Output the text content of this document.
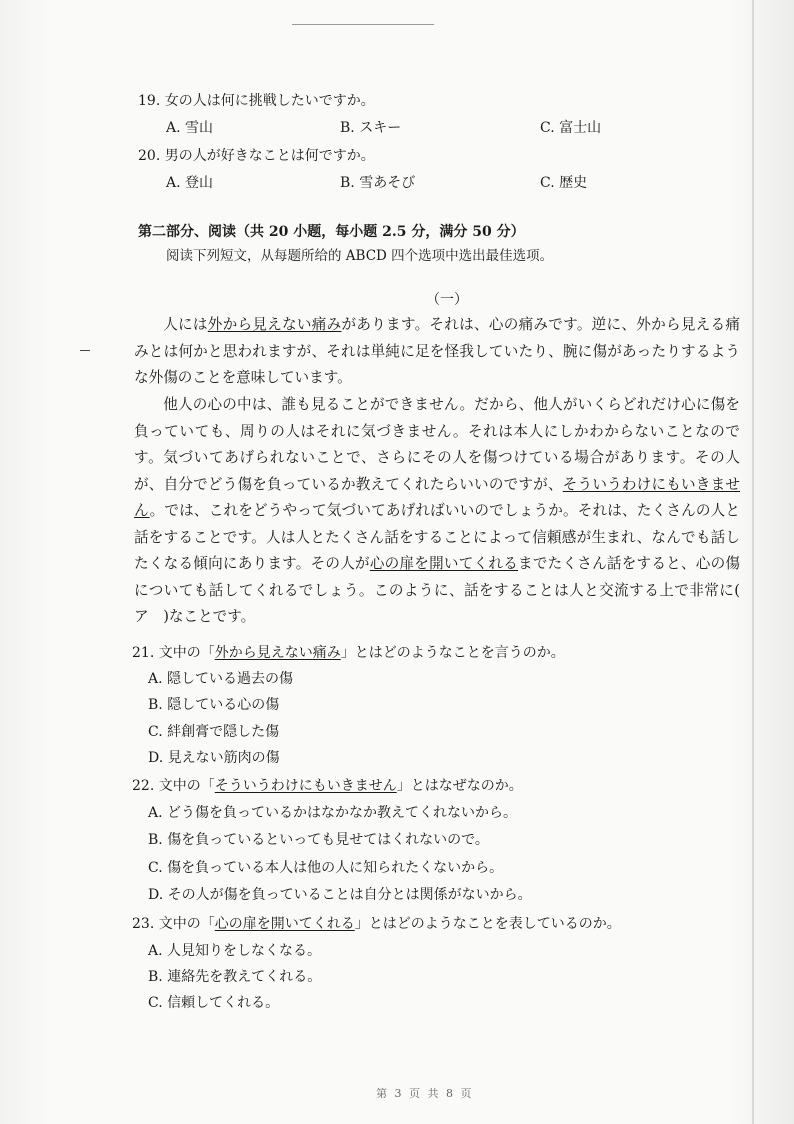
19. 女の人は何に挑戦したいですか。
A. 雪山	B. スキー	C. 富士山
20. 男の人が好きなことは何ですか。
A. 登山	B. 雪あそび	C. 歴史
第二部分、阅读（共 20 小题，每小题 2.5 分，满分 50 分）
阅读下列短文，从每题所给的 ABCD 四个选项中选出最佳选项。
（一）
人には外から見えない痛みがあります。それは、心の痛みです。逆に、外から見える痛みとは何かと思われますが、それは単純に足を怪我していたり、腕に傷があったりするような外傷のことを意味しています。
他人の心の中は、誰も見ることができません。だから、他人がいくらどれだけ心に傷を負っていても、周りの人はそれに気づきません。それは本人にしかわからないことなのです。気づいてあげられないことで、さらにその人を傷つけている場合があります。その人が、自分でどう傷を負っているか教えてくれたらいいのですが、そういうわけにもいきません。では、これをどうやって気づいてあげればいいのでしょうか。それは、たくさんの人と話をすることです。人は人とたくさん話をすることによって信頼感が生まれ、なんでも話したくなる傾向にあります。その人が心の扉を開いてくれるまでたくさん話をすると、心の傷についても話してくれるでしょう。このように、話をすることは人と交流する上で非常に(　ア　)なことです。
21. 文中の「外から見えない痛み」とはどのようなことを言うのか。
A. 隠している過去の傷
B. 隠している心の傷
C. 絆創膏で隠した傷
D. 見えない筋肉の傷
22. 文中の「そういうわけにもいきません」とはなぜなのか。
A. どう傷を負っているかはなかなか教えてくれないから。
B. 傷を負っているといっても見せてはくれないので。
C. 傷を負っている本人は他の人に知られたくないから。
D. その人が傷を負っていることは自分とは関係がないから。
23. 文中の「心の扉を開いてくれる」とはどのようなことを表しているのか。
A. 人見知りをしなくなる。
B. 連絡先を教えてくれる。
C. 信頼してくれる。
第 3 页 共 8 页
